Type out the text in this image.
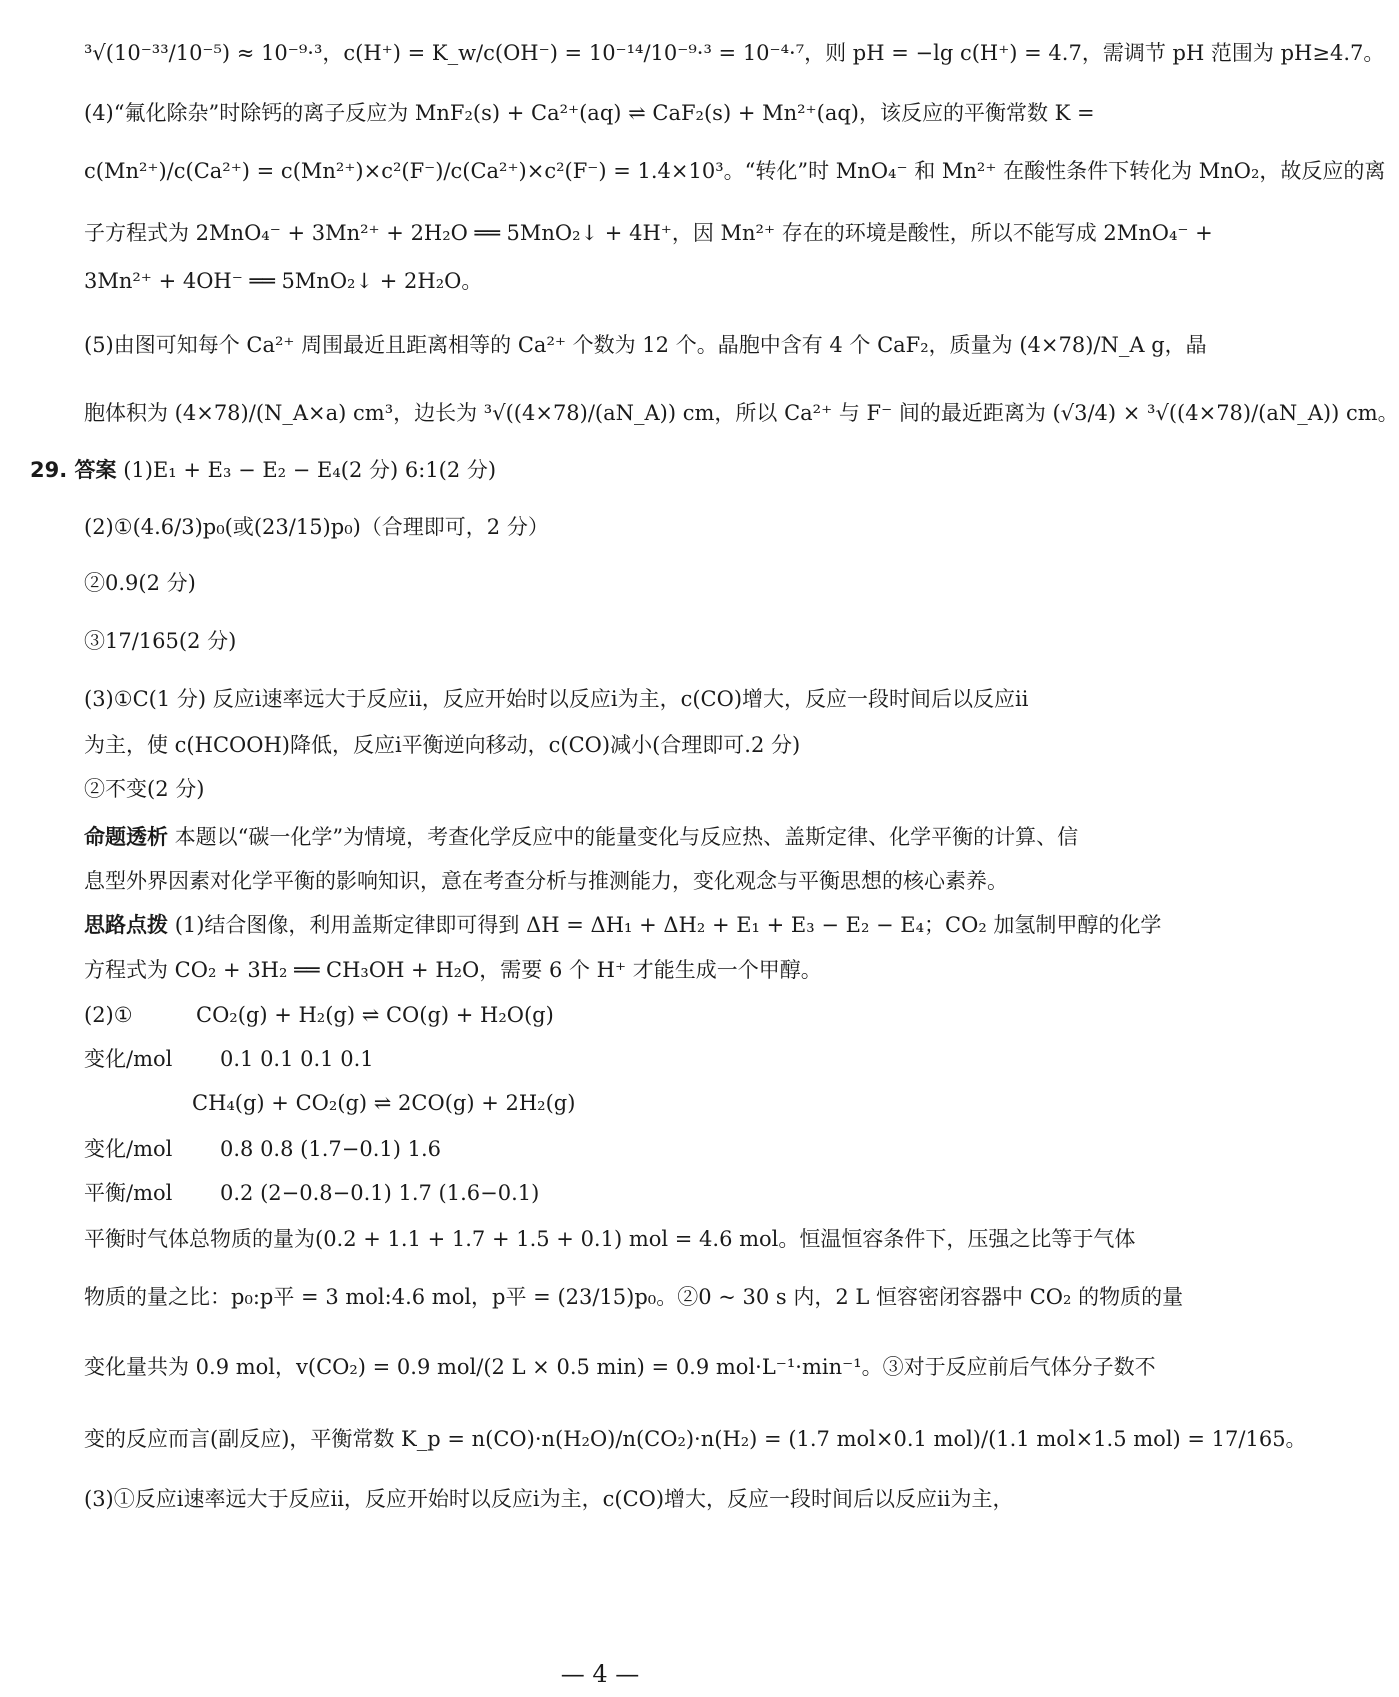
³√(10⁻³³/10⁻⁵) ≈ 10⁻⁹·³，c(H⁺) = K_w/c(OH⁻) = 10⁻¹⁴/10⁻⁹·³ = 10⁻⁴·⁷，则 pH = −lg c(H⁺) = 4.7，需调节 pH 范围为 pH≥4.7。
(4)“氟化除杂”时除钙的离子反应为 MnF₂(s) + Ca²⁺(aq) ⇌ CaF₂(s) + Mn²⁺(aq)，该反应的平衡常数 K =
c(Mn²⁺)/c(Ca²⁺) = c(Mn²⁺)×c²(F⁻)/c(Ca²⁺)×c²(F⁻) = 1.4×10³。“转化”时 MnO₄⁻ 和 Mn²⁺ 在酸性条件下转化为 MnO₂，故反应的离
子方程式为 2MnO₄⁻ + 3Mn²⁺ + 2H₂O ══ 5MnO₂↓ + 4H⁺，因 Mn²⁺ 存在的环境是酸性，所以不能写成 2MnO₄⁻ +
3Mn²⁺ + 4OH⁻ ══ 5MnO₂↓ + 2H₂O。
(5)由图可知每个 Ca²⁺ 周围最近且距离相等的 Ca²⁺ 个数为 12 个。晶胞中含有 4 个 CaF₂，质量为 (4×78)/N_A g，晶
胞体积为 (4×78)/(N_A×a) cm³，边长为 ³√((4×78)/(aN_A)) cm，所以 Ca²⁺ 与 F⁻ 间的最近距离为 (√3/4) × ³√((4×78)/(aN_A)) cm。
29. 答案 (1)E₁ + E₃ − E₂ − E₄(2 分) 6:1(2 分)
(2)①(4.6/3)p₀(或(23/15)p₀)（合理即可，2 分）
②0.9(2 分)
③17/165(2 分)
(3)①C(1 分) 反应ⅰ速率远大于反应ⅱ，反应开始时以反应ⅰ为主，c(CO)增大，反应一段时间后以反应ⅱ
为主，使 c(HCOOH)降低，反应ⅰ平衡逆向移动，c(CO)减小(合理即可.2 分)
②不变(2 分)
命题透析 本题以“碳一化学”为情境，考查化学反应中的能量变化与反应热、盖斯定律、化学平衡的计算、信
息型外界因素对化学平衡的影响知识，意在考查分析与推测能力，变化观念与平衡思想的核心素养。
思路点拨 (1)结合图像，利用盖斯定律即可得到 ΔH = ΔH₁ + ΔH₂ + E₁ + E₃ − E₂ − E₄；CO₂ 加氢制甲醇的化学
方程式为 CO₂ + 3H₂ ══ CH₃OH + H₂O，需要 6 个 H⁺ 才能生成一个甲醇。
(2)①	CO₂(g) + H₂(g) ⇌ CO(g) + H₂O(g)
变化/mol 0.1 0.1 0.1 0.1
CH₄(g) + CO₂(g) ⇌ 2CO(g) + 2H₂(g)
变化/mol 0.8 0.8 (1.7−0.1) 1.6
平衡/mol 0.2 (2−0.8−0.1) 1.7 (1.6−0.1)
平衡时气体总物质的量为(0.2 + 1.1 + 1.7 + 1.5 + 0.1) mol = 4.6 mol。恒温恒容条件下，压强之比等于气体
物质的量之比：p₀:p平 = 3 mol:4.6 mol，p平 = (23/15)p₀。②0 ~ 30 s 内，2 L 恒容密闭容器中 CO₂ 的物质的量
变化量共为 0.9 mol，v(CO₂) = 0.9 mol/(2 L × 0.5 min) = 0.9 mol·L⁻¹·min⁻¹。③对于反应前后气体分子数不
变的反应而言(副反应)，平衡常数 K_p = n(CO)·n(H₂O)/n(CO₂)·n(H₂) = (1.7 mol×0.1 mol)/(1.1 mol×1.5 mol) = 17/165。
(3)①反应ⅰ速率远大于反应ⅱ，反应开始时以反应ⅰ为主，c(CO)增大，反应一段时间后以反应ⅱ为主，
— 4 —
